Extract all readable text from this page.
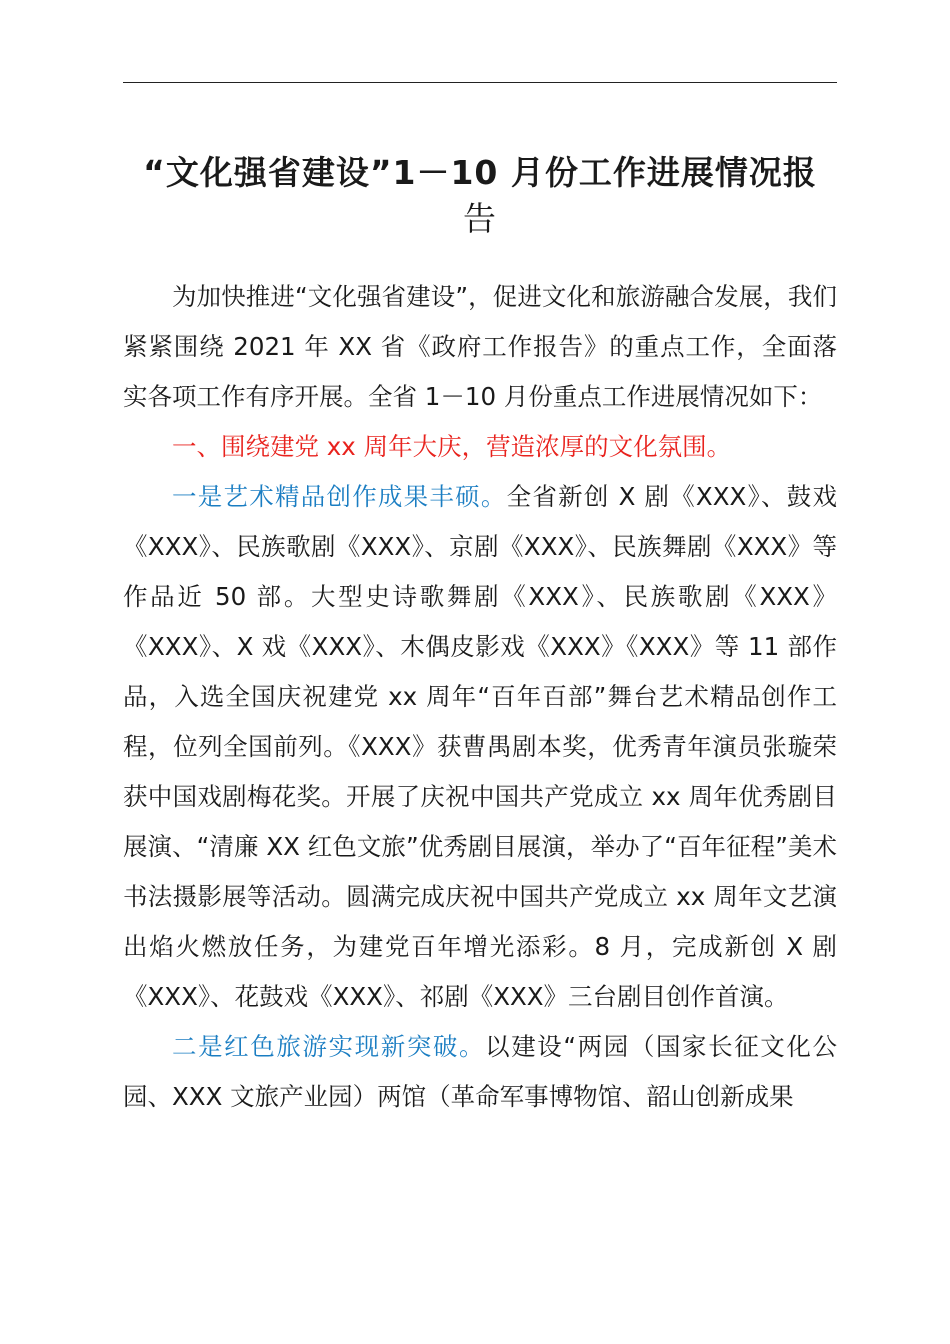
“文化强省建设”1－10 月份工作进展情况报
告

为加快推进“文化强省建设”，促进文化和旅游融合发展，我们紧紧围绕 2021 年 XX 省《政府工作报告》的重点工作，全面落实各项工作有序开展。全省 1－10 月份重点工作进展情况如下：

一、围绕建党 xx 周年大庆，营造浓厚的文化氛围。

一是艺术精品创作成果丰硕。全省新创 X 剧《XXX》、鼓戏《XXX》、民族歌剧《XXX》、京剧《XXX》、民族舞剧《XXX》等作品近 50 部。大型史诗歌舞剧《XXX》、民族歌剧《XXX》《XXX》、X 戏《XXX》、木偶皮影戏《XXX》《XXX》等 11 部作品，入选全国庆祝建党 xx 周年“百年百部”舞台艺术精品创作工程，位列全国前列。《XXX》获曹禺剧本奖，优秀青年演员张璇荣获中国戏剧梅花奖。开展了庆祝中国共产党成立 xx 周年优秀剧目展演、“清廉 XX 红色文旅”优秀剧目展演，举办了“百年征程”美术书法摄影展等活动。圆满完成庆祝中国共产党成立 xx 周年文艺演出焰火燃放任务，为建党百年增光添彩。8 月，完成新创 X 剧《XXX》、花鼓戏《XXX》、祁剧《XXX》三台剧目创作首演。

二是红色旅游实现新突破。以建设“两园（国家长征文化公园、XXX 文旅产业园）两馆（革命军事博物馆、韶山创新成果
